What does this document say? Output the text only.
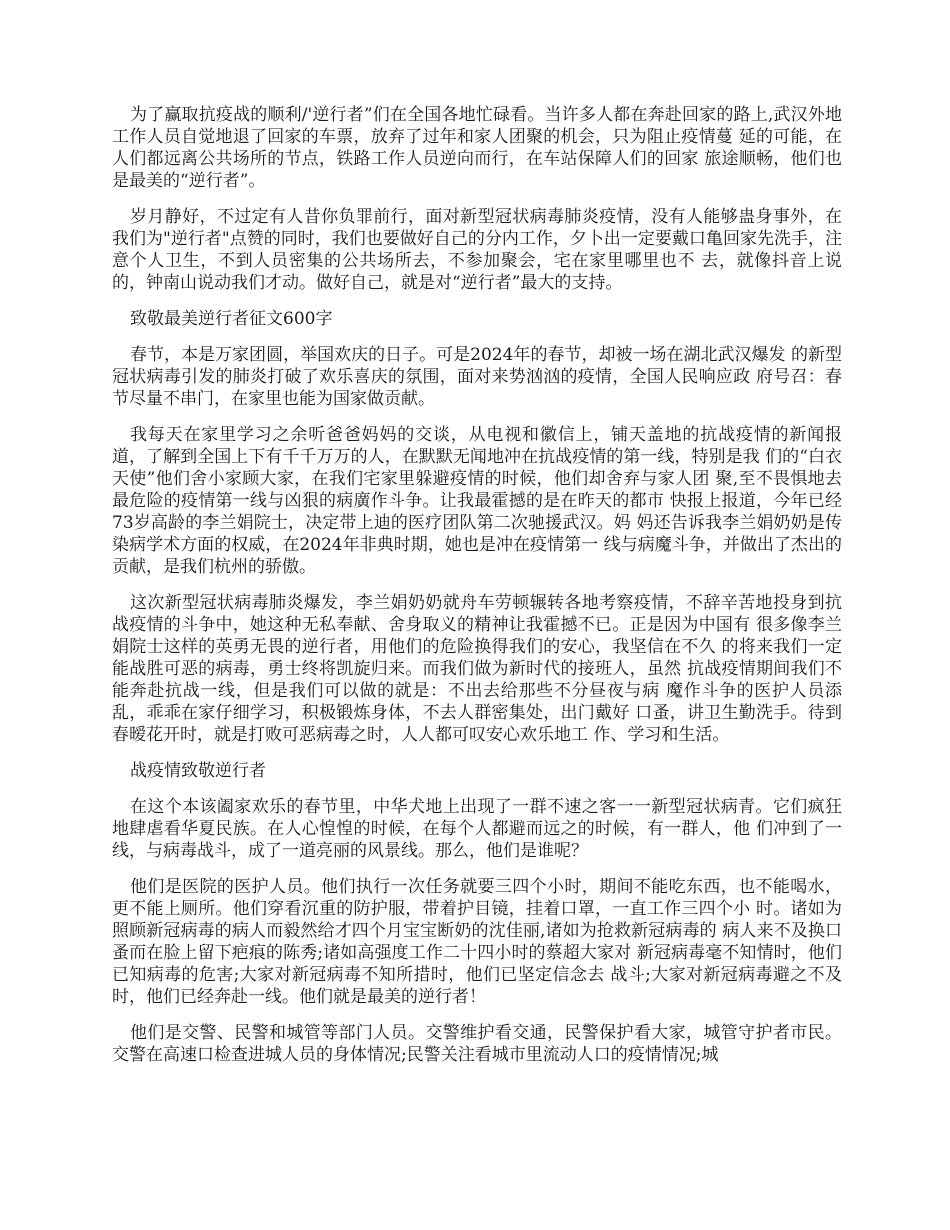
为了赢取抗疫战的顺利/'逆行者”们在全国各地忙碌看。当许多人都在奔赴回家的路上,武汉外地工作人员自觉地退了回家的车票，放弃了过年和家人团聚的机会，只为阻止疫情蔓 延的可能，在人们都远离公共场所的节点，铁路工作人员逆向而行，在车站保障人们的回家 旅途顺畅，他们也是最美的“逆行者”。

岁月静好，不过定有人昔你负罪前行，面对新型冠状病毒肺炎疫情，没有人能够蛊身事外，在我们为"逆行者"点赞的同时，我们也要做好自己的分内工作，夕卜出一定要戴口亀回家先洗手，注意个人卫生，不到人员密集的公共场所去，不参加聚会，宅在家里哪里也不 去，就像抖音上说的，钟南山说动我们才动。做好自己，就是对“逆行者”最大的支持。

致敬最美逆行者征文600字

春节，本是万家团圆，举国欢庆的日子。可是2024年的春节，却被一场在湖北武汉爆发 的新型冠状病毒引发的肺炎打破了欢乐喜庆的氛围，面对来势汹汹的疫情，全国人民响应政 府号召：春节尽量不串门，在家里也能为国家做贡献。

我每天在家里学习之余听爸爸妈妈的交谈，从电视和徽信上，铺天盖地的抗战疫情的新闻报道，了解到全国上下有千千万万的人，在默默无闻地冲在抗战疫情的第一线，特别是我 们的“白衣天使”他们舍小家顾大家，在我们宅家里躲避疫情的时候，他们却舍弃与家人团 聚,至不畏惧地去最危险的疫情第一线与凶狠的病廣作斗争。让我最霍撼的是在昨天的都市 快报上报道，今年已经73岁高龄的李兰娟院士，决定带上迪的医疗团队第二次驰援武汉。妈 妈还告诉我李兰娟奶奶是传染病学术方面的权威，在2024年非典时期，她也是冲在疫情第一 线与病魔斗争，并做出了杰出的贡献，是我们杭州的骄傲。

这次新型冠状病毒肺炎爆发，李兰娟奶奶就舟车劳顿辗转各地考察疫情，不辞辛苦地投身到抗战疫情的斗争中，她这种无私奉献、舍身取义的精神让我霍撼不已。正是因为中国有 很多像李兰娟院士这样的英勇无畏的逆行者，用他们的危险换得我们的安心，我坚信在不久 的将来我们一定能战胜可恶的病毒，勇士终将凯旋归来。而我们做为新时代的接班人，虽然 抗战疫情期间我们不能奔赴抗战一线，但是我们可以做的就是：不出去给那些不分昼夜与病 魔作斗争的医护人员添乱，乖乖在家仔细学习，积极锻炼身体，不去人群密集处，出门戴好 口蚤，讲卫生勤洗手。待到春暧花开时，就是打败可恶病毒之时，人人都可叹安心欢乐地工 作、学习和生活。

战疫情致敬逆行者

在这个本该阖家欢乐的春节里，中华犬地上出现了一群不速之客一一新型冠状病青。它们疯狂地肆虐看华夏民族。在人心惶惶的时候，在每个人都避而远之的时候，有一群人，他 们冲到了一线，与病毒战斗，成了一道亮丽的风景线。那么，他们是谁呢？

他们是医院的医护人员。他们执行一次任务就要三四个小时，期间不能吃东西，也不能喝水，更不能上厕所。他们穿看沉重的防护服，带着护目镜，挂着口罩，一直工作三四个小 时。诸如为照顾新冠病毒的病人而毅然给才四个月宝宝断奶的沈佳丽,诸如为抢救新冠病毒的 病人来不及换口蚤而在脸上留下疤痕的陈秀;诸如高强度工作二十四小时的蔡超大家对 新冠病毒毫不知情时，他们已知病毒的危害;大家对新冠病毒不知所措时，他们已坚定信念去 战斗;大家对新冠病毒避之不及时，他们已经奔赴一线。他们就是最美的逆行者！

他们是交警、民警和城管等部门人员。交警维护看交通，民警保护看大家，城管守护者市民。交警在高速口检查进城人员的身体情况;民警关注看城市里流动人口的疫情情况;城
